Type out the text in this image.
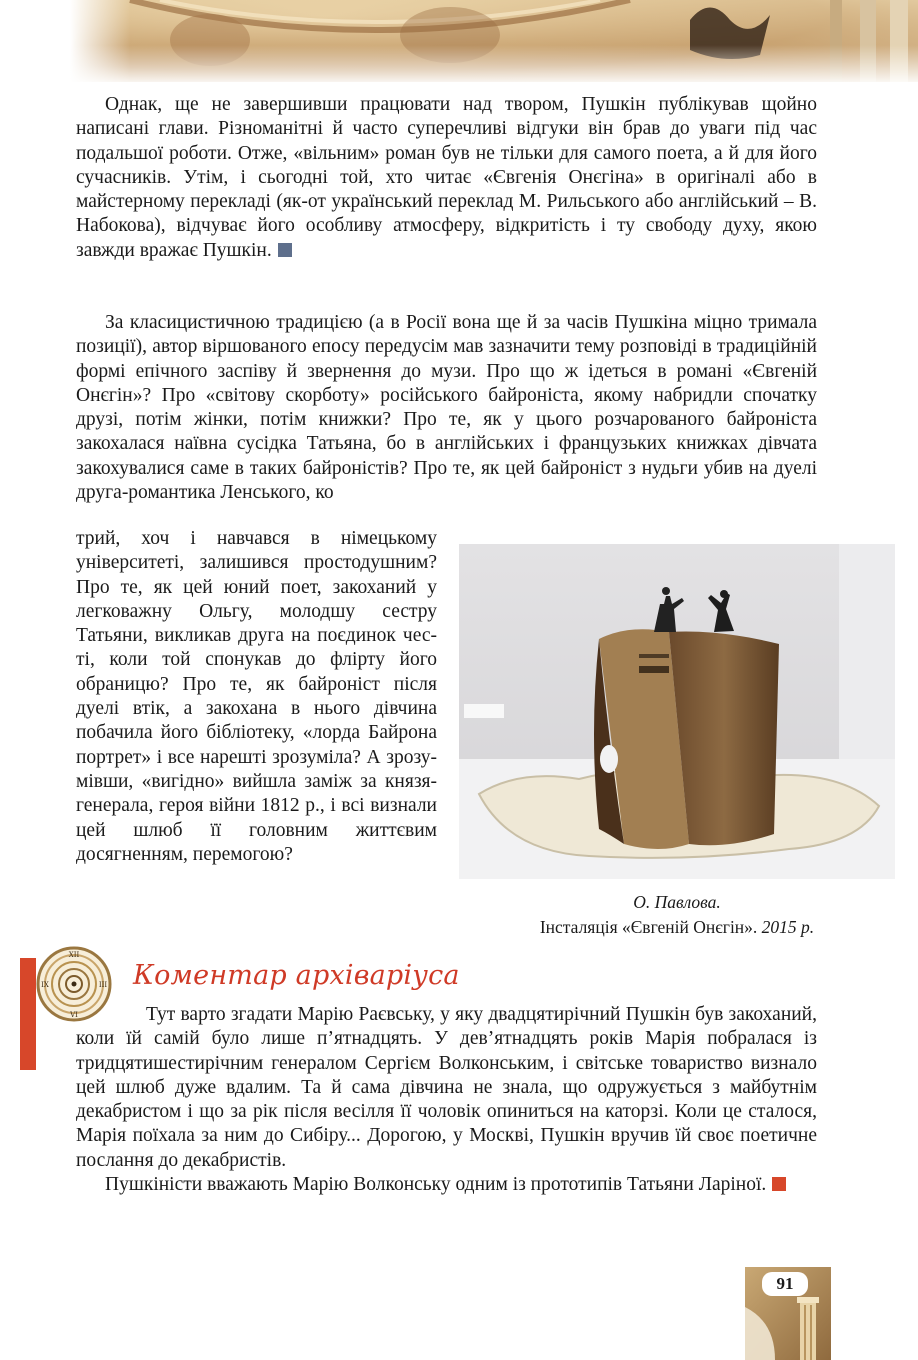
Однак, ще не завершивши працювати над твором, Пушкін публікував щойно написані глави. Різноманітні й часто суперечливі відгуки він брав до уваги під час подальшої роботи. Отже, «вільним» роман був не тільки для самого поета, а й для його сучасників. Утім, і сьогодні той, хто читає «Євгенія Онєгіна» в оригіналі або в майстерному перекладі (як-от український переклад М. Рильського або англійський – В. Набокова), відчуває його особливу атмосферу, відкритість і ту свободу духу, якою завжди вражає Пушкін.

За класицистичною традицією (а в Росії вона ще й за часів Пушкіна міцно тримала позиції), автор віршованого епосу передусім мав зазначити тему розповіді в традиційній формі епічного заспіву й звернення до музи. Про що ж ідеться в романі «Євгеній Онєгін»? Про «світову скорботу» російського байроніста, якому набридли спочатку друзі, потім жінки, потім книжки? Про те, як у цього розчарованого байроніста закохалася наївна сусідка Татьяна, бо в англійських і французьких книжках дівчата закохувалися саме в таких байроністів? Про те, як цей байроніст з нудьги убив на дуелі друга-романтика Ленського, ко

трий, хоч і навчався в німецькому університеті, залишився простодушним? Про те, як цей юний поет, закоханий у легковажну Ольгу, молодшу сестру Татьяни, викликав друга на поєдинок честі, коли той спонукав до флірту його обраницю? Про те, як байроніст після дуелі втік, а закохана в нього дівчина побачила його бібліотеку, «лорда Байрона портрет» і все нарешті зрозуміла? А зрозумівши, «вигідно» вийшла заміж за князя-генерала, героя війни 1812 р., і всі визнали цей шлюб її головним життєвим досягненням, перемогою?

О. Павлова.
Інсталяція «Євгеній Онєгін». 2015 р.
XII
III
VI
IX	Коментар архіваріуса

Тут варто згадати Марію Раєвську, у яку двадцятирічний Пушкін був закоханий, коли їй самій було лише п’ятнадцять. У дев’ятнадцять років Марія побралася із тридцятишестирічним генералом Сергієм Волконським, і світське товариство визнало цей шлюб дуже вдалим. Та й сама дівчина не знала, що одружується з майбутнім декабристом і що за рік після весілля її чоловік опиниться на каторзі. Коли це сталося, Марія поїхала за ним до Сибіру... Дорогою, у Москві, Пушкін вручив їй своє поетичне послання до декабристів.

Пушкіністи вважають Марію Волконську одним із прототипів Татьяни Ларіної.

91
